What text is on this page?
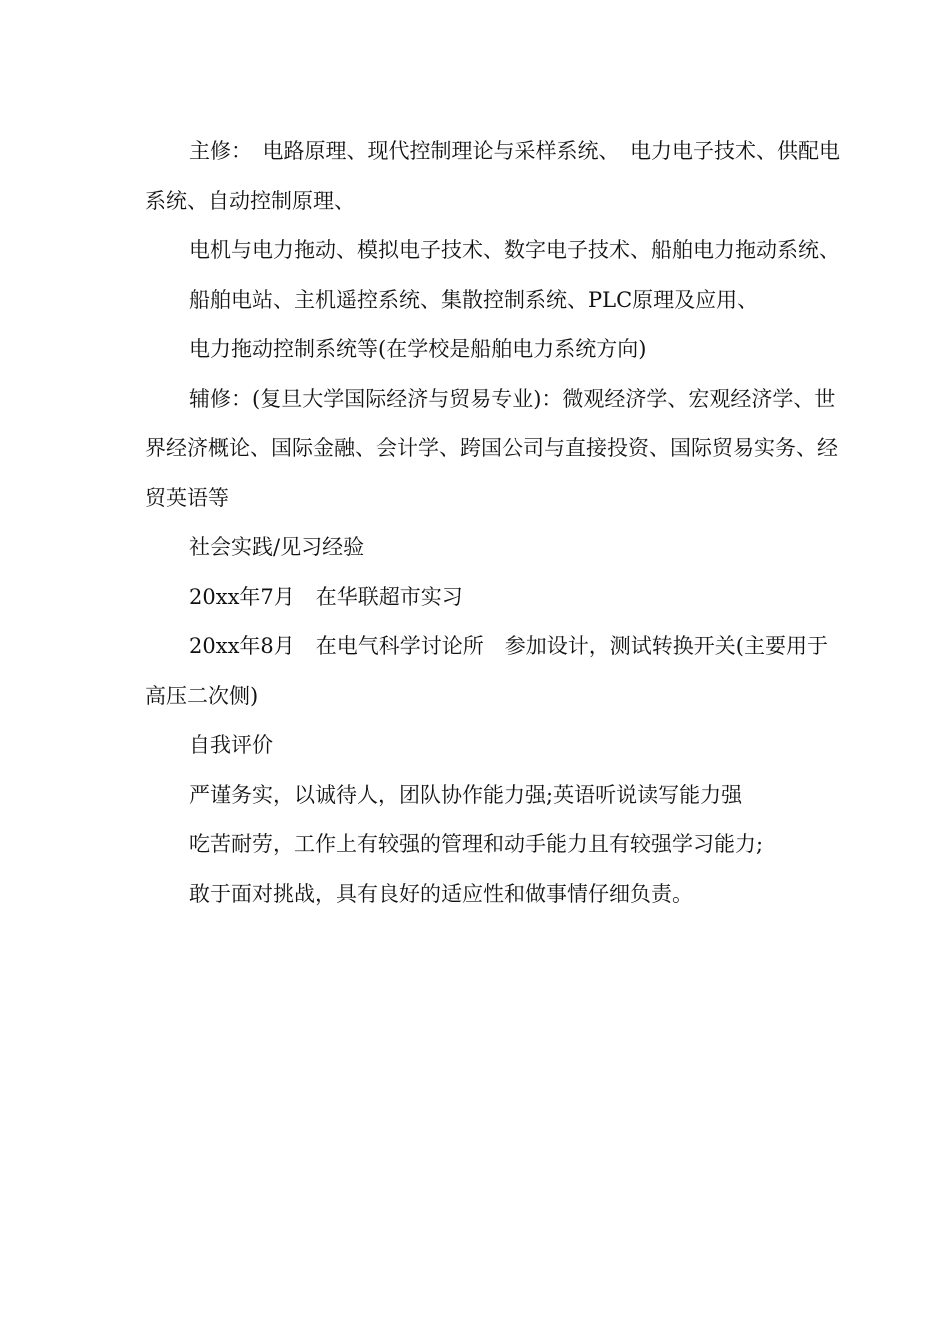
主修：　电路原理、现代控制理论与采样系统、　电力电子技术、供配电系统、自动控制原理、

电机与电力拖动、模拟电子技术、数字电子技术、船舶电力拖动系统、

船舶电站、主机遥控系统、集散控制系统、PLC原理及应用、

电力拖动控制系统等(在学校是船舶电力系统方向)

辅修：(复旦大学国际经济与贸易专业)：微观经济学、宏观经济学、世界经济概论、国际金融、会计学、跨国公司与直接投资、国际贸易实务、经贸英语等

社会实践/见习经验

20xx年7月　在华联超市实习

20xx年8月　在电气科学讨论所　参加设计，测试转换开关(主要用于高压二次侧)

自我评价

严谨务实，以诚待人，团队协作能力强;英语听说读写能力强

吃苦耐劳，工作上有较强的管理和动手能力且有较强学习能力;

敢于面对挑战，具有良好的适应性和做事情仔细负责。
